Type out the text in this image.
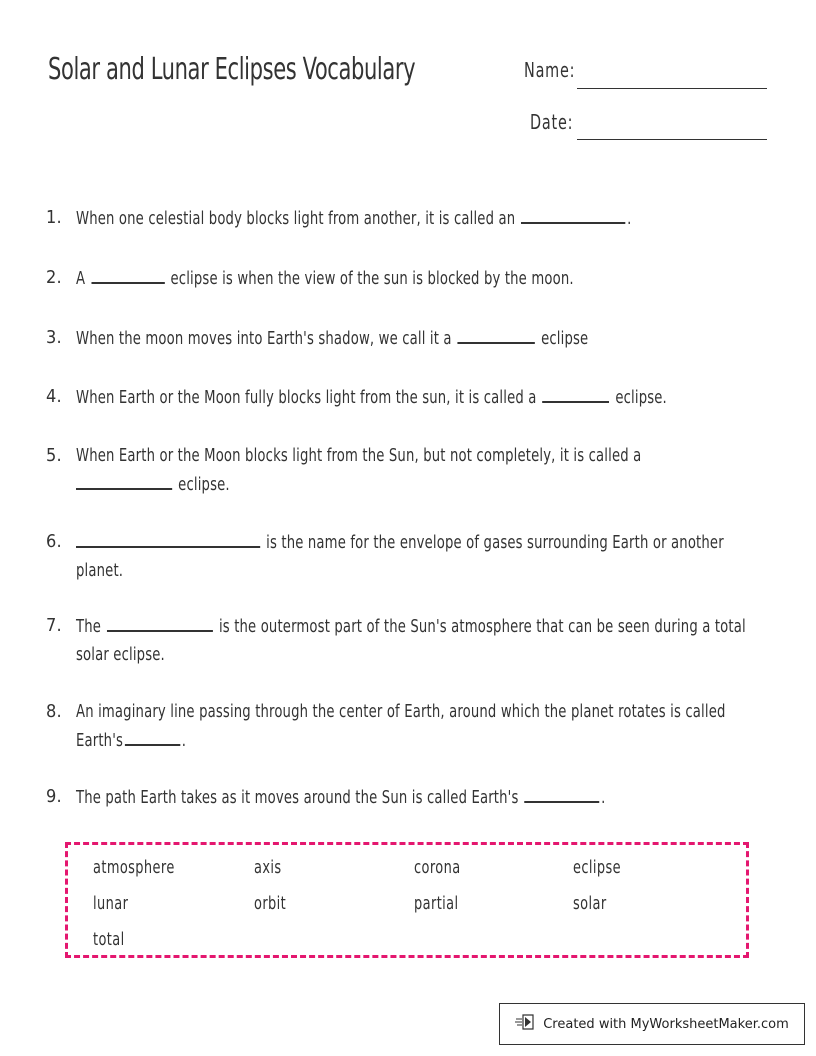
Solar and Lunar Eclipses Vocabulary	Name:
Date:
1. When one celestial body blocks light from another, it is called an	.
2. A	eclipse is when the view of the sun is blocked by the moon.
3. When the moon moves into Earth's shadow, we call it a	eclipse
4. When Earth or the Moon fully blocks light from the sun, it is called a	eclipse.
5. When Earth or the Moon blocks light from the Sun, but not completely, it is called a
eclipse.
6.	is the name for the envelope of gases surrounding Earth or another planet.
7. The	is the outermost part of the Sun's atmosphere that can be seen during a total solar eclipse.
8. An imaginary line passing through the center of Earth, around which the planet rotates is called Earth's	.
9. The path Earth takes as it moves around the Sun is called Earth's	.
atmosphere	axis	corona	eclipse
lunar	orbit	partial	solar
total
Created with MyWorksheetMaker.com
